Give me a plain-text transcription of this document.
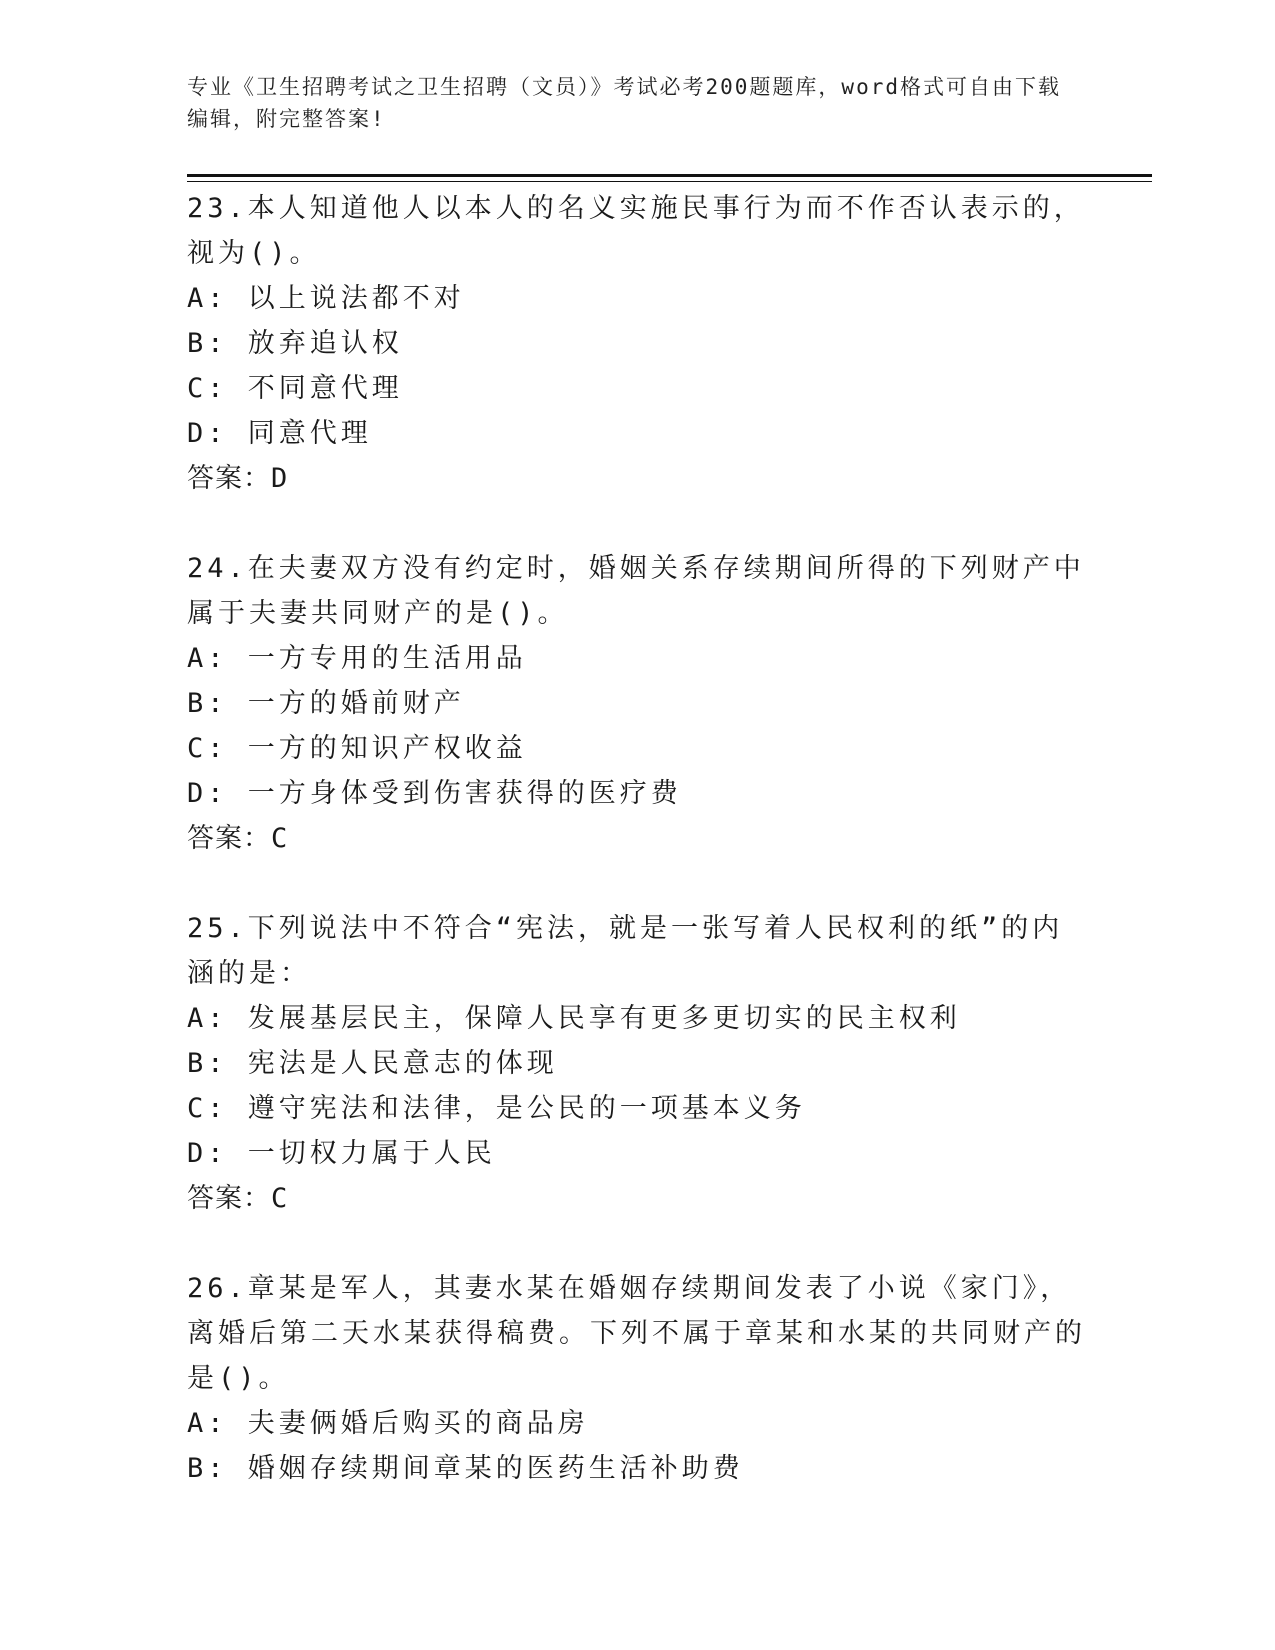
专业《卫生招聘考试之卫生招聘（文员）》考试必考200题题库，word格式可自由下载编辑，附完整答案!

23.本人知道他人以本人的名义实施民事行为而不作否认表示的，视为()。

A: 以上说法都不对

B: 放弃追认权

C: 不同意代理

D: 同意代理

答案：D

24.在夫妻双方没有约定时，婚姻关系存续期间所得的下列财产中属于夫妻共同财产的是()。

A: 一方专用的生活用品

B: 一方的婚前财产

C: 一方的知识产权收益

D: 一方身体受到伤害获得的医疗费

答案：C

25.下列说法中不符合“宪法，就是一张写着人民权利的纸”的内涵的是：

A: 发展基层民主，保障人民享有更多更切实的民主权利

B: 宪法是人民意志的体现

C: 遵守宪法和法律，是公民的一项基本义务

D: 一切权力属于人民

答案：C

26.章某是军人，其妻水某在婚姻存续期间发表了小说《家门》，离婚后第二天水某获得稿费。下列不属于章某和水某的共同财产的是()。

A: 夫妻俩婚后购买的商品房

B: 婚姻存续期间章某的医药生活补助费
